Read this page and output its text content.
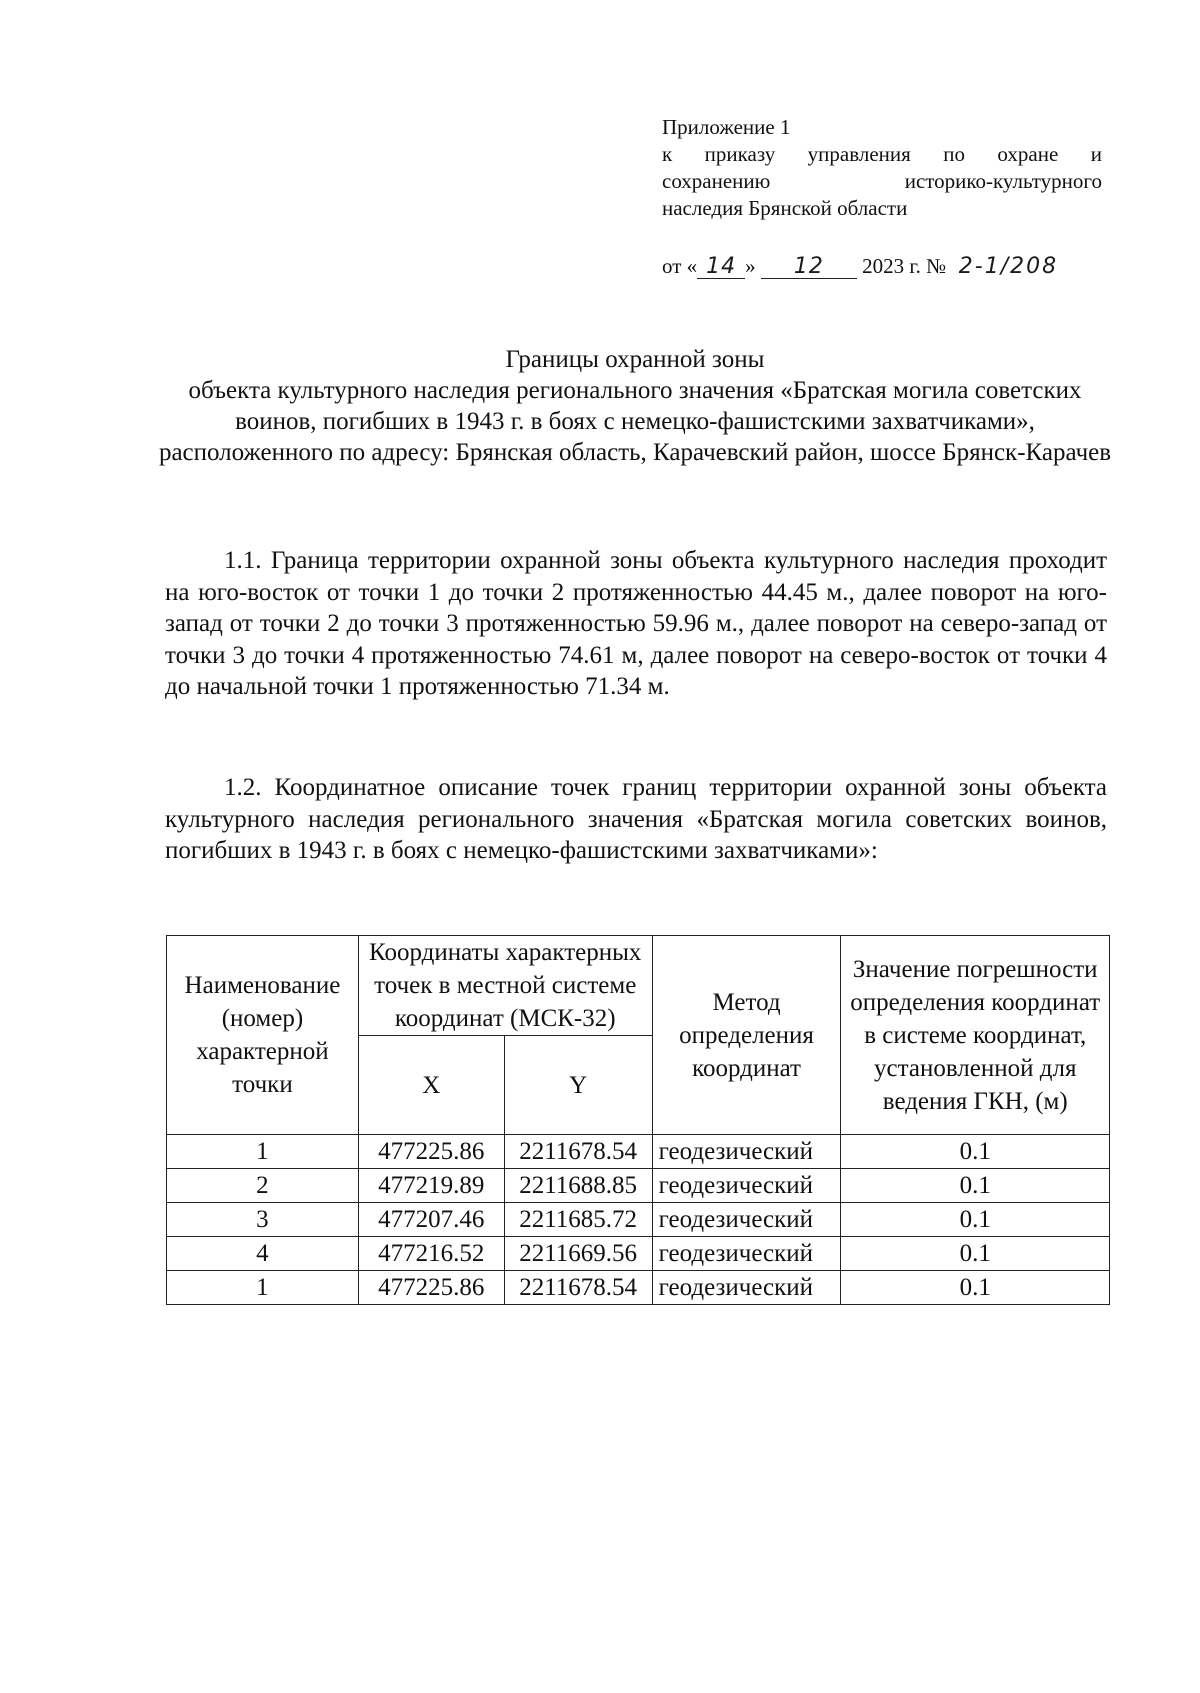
Приложение 1
к приказу управления по охране и
сохранению историко-культурного
наследия Брянской области
от « 14 » 12 2023 г. № 2-1/208
Границы охранной зоны
объекта культурного наследия регионального значения «Братская могила советских воинов, погибших в 1943 г. в боях с немецко-фашистскими захватчиками», расположенного по адресу: Брянская область, Карачевский район, шоссе Брянск-Карачев
1.1. Граница территории охранной зоны объекта культурного наследия проходит на юго-восток от точки 1 до точки 2 протяженностью 44.45 м., далее поворот на юго- запад от точки 2 до точки 3 протяженностью 59.96 м., далее поворот на северо-запад от точки 3 до точки 4 протяженностью 74.61 м, далее поворот на северо-восток от точки 4 до начальной точки 1 протяженностью 71.34 м.
1.2. Координатное описание точек границ территории охранной зоны объекта культурного наследия регионального значения «Братская могила советских воинов, погибших в 1943 г. в боях с немецко-фашистскими захватчиками»:
Наименование (номер) характерной точки	Координаты характерных точек в местной системе координат (МСК-32)		Метод определения координат	Значение погрешности определения координат в системе координат, установленной для ведения ГКН, (м)
	X	Y		
1	477225.86	2211678.54	геодезический	0.1
2	477219.89	2211688.85	геодезический	0.1
3	477207.46	2211685.72	геодезический	0.1
4	477216.52	2211669.56	геодезический	0.1
1	477225.86	2211678.54	геодезический	0.1
